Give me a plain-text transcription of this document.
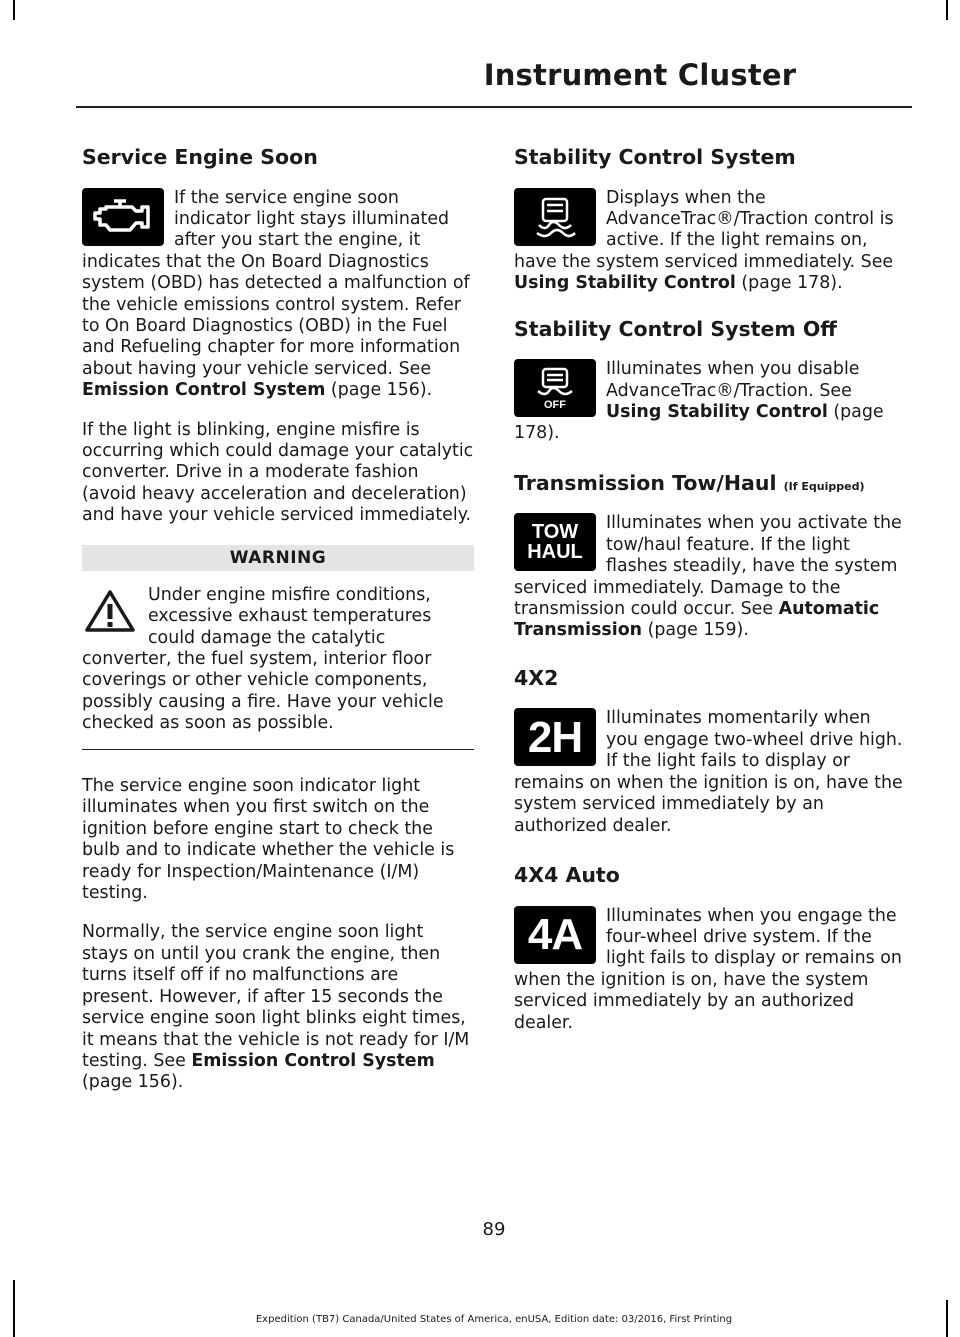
Instrument Cluster
Service Engine Soon
If the service engine soon indicator light stays illuminated after you start the engine, it indicates that the On Board Diagnostics system (OBD) has detected a malfunction of the vehicle emissions control system. Refer to On Board Diagnostics (OBD) in the Fuel and Refueling chapter for more information about having your vehicle serviced. See Emission Control System (page 156).
If the light is blinking, engine misfire is occurring which could damage your catalytic converter. Drive in a moderate fashion (avoid heavy acceleration and deceleration) and have your vehicle serviced immediately.
WARNING
Under engine misfire conditions, excessive exhaust temperatures could damage the catalytic converter, the fuel system, interior floor coverings or other vehicle components, possibly causing a fire. Have your vehicle checked as soon as possible.
The service engine soon indicator light illuminates when you first switch on the ignition before engine start to check the bulb and to indicate whether the vehicle is ready for Inspection/Maintenance (I/M) testing.
Normally, the service engine soon light stays on until you crank the engine, then turns itself off if no malfunctions are present. However, if after 15 seconds the service engine soon light blinks eight times, it means that the vehicle is not ready for I/M testing. See Emission Control System (page 156).
Stability Control System
Displays when the AdvanceTrac®/Traction control is active. If the light remains on, have the system serviced immediately. See Using Stability Control (page 178).
Stability Control System Off
OFF
Illuminates when you disable AdvanceTrac®/Traction. See Using Stability Control (page 178).
Transmission Tow/Haul (If Equipped)
TOW
HAUL
Illuminates when you activate the tow/haul feature. If the light flashes steadily, have the system serviced immediately. Damage to the transmission could occur. See Automatic Transmission (page 159).
4X2
2H	Illuminates momentarily when you engage two-wheel drive high. If the light fails to display or remains on when the ignition is on, have the system serviced immediately by an authorized dealer.
4X4 Auto
4A	Illuminates when you engage the four-wheel drive system. If the light fails to display or remains on when the ignition is on, have the system serviced immediately by an authorized dealer.
89
Expedition (TB7) Canada/United States of America, enUSA, Edition date: 03/2016, First Printing
